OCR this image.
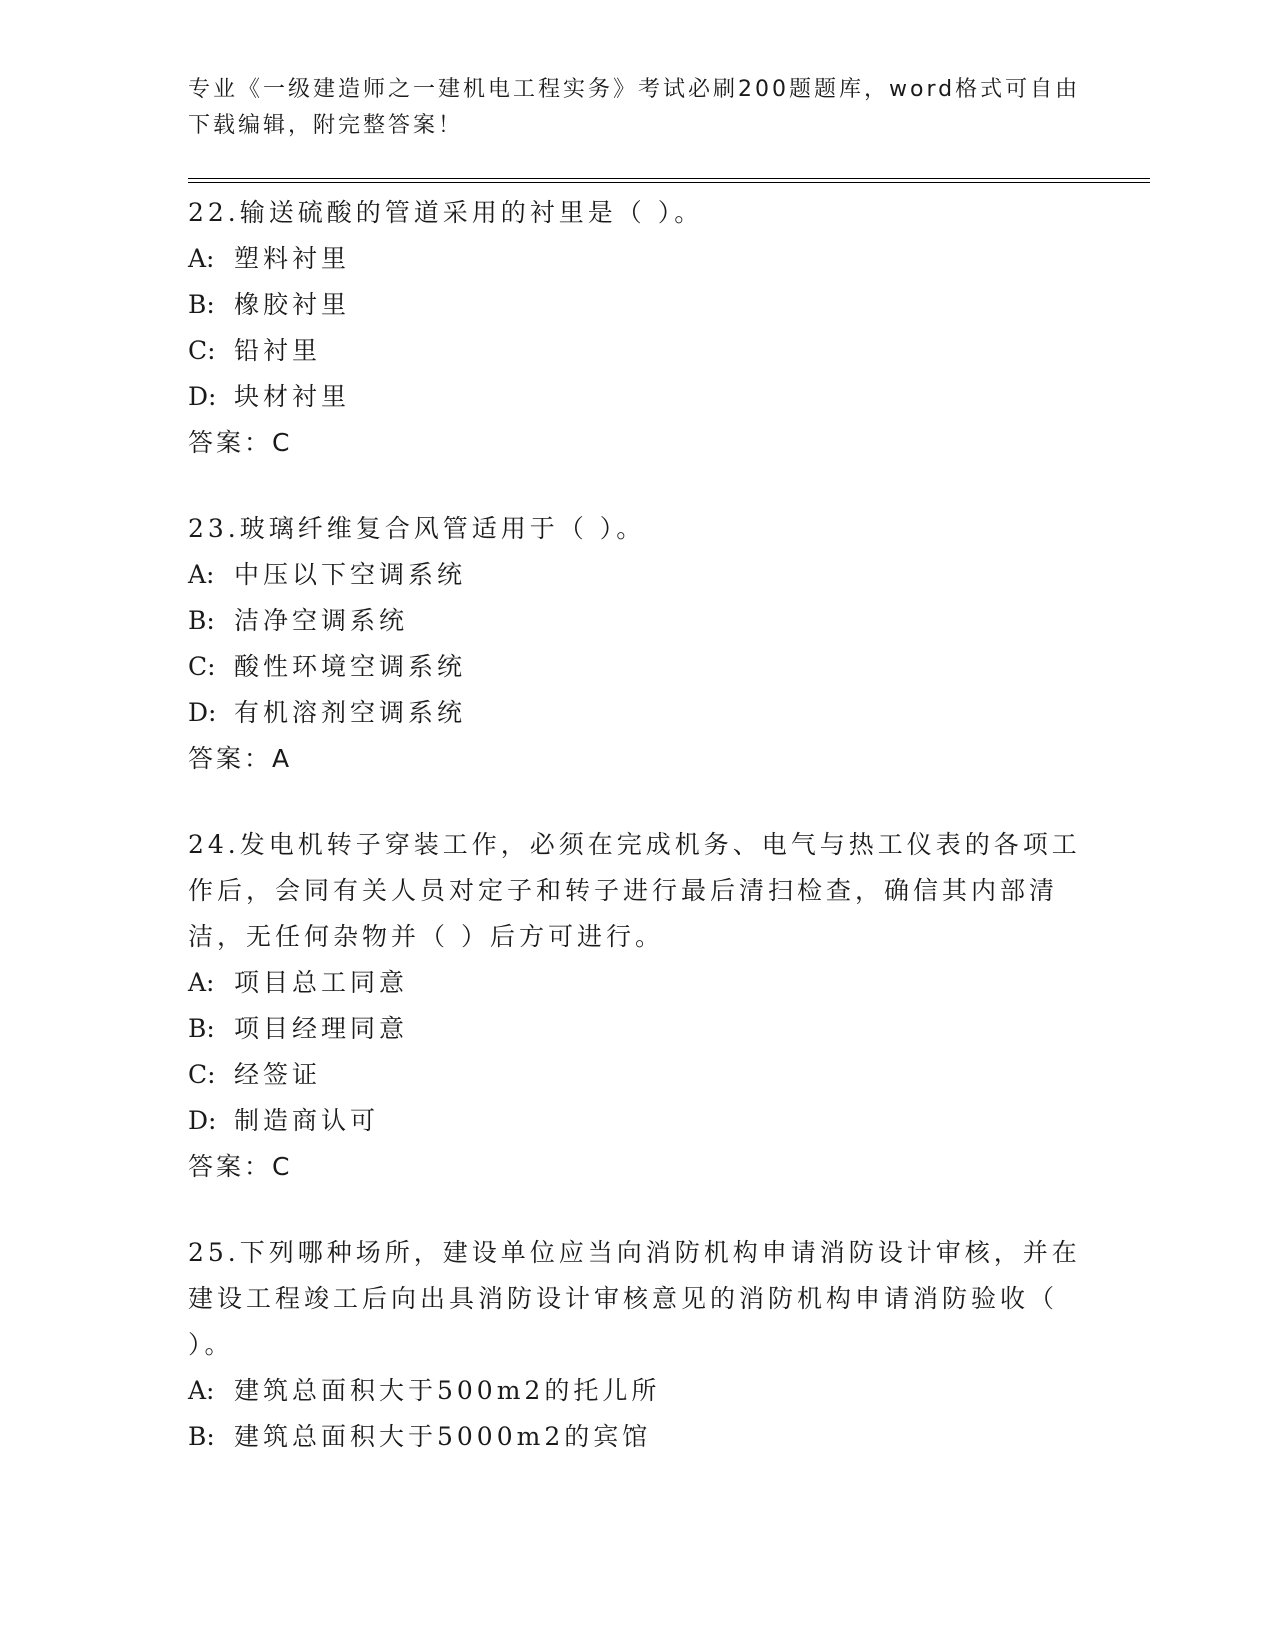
专业《一级建造师之一建机电工程实务》考试必刷200题题库，word格式可自由
下载编辑，附完整答案！
22.输送硫酸的管道采用的衬里是（ ）。
A: 塑料衬里
B: 橡胶衬里
C: 铅衬里
D: 块材衬里
答案：C
23.玻璃纤维复合风管适用于（ ）。
A: 中压以下空调系统
B: 洁净空调系统
C: 酸性环境空调系统
D: 有机溶剂空调系统
答案：A
24.发电机转子穿装工作，必须在完成机务、电气与热工仪表的各项工
作后，会同有关人员对定子和转子进行最后清扫检查，确信其内部清
洁，无任何杂物并（ ）后方可进行。
A: 项目总工同意
B: 项目经理同意
C: 经签证
D: 制造商认可
答案：C
25.下列哪种场所，建设单位应当向消防机构申请消防设计审核，并在
建设工程竣工后向出具消防设计审核意见的消防机构申请消防验收（
）。
A: 建筑总面积大于500m2的托儿所
B: 建筑总面积大于5000m2的宾馆
